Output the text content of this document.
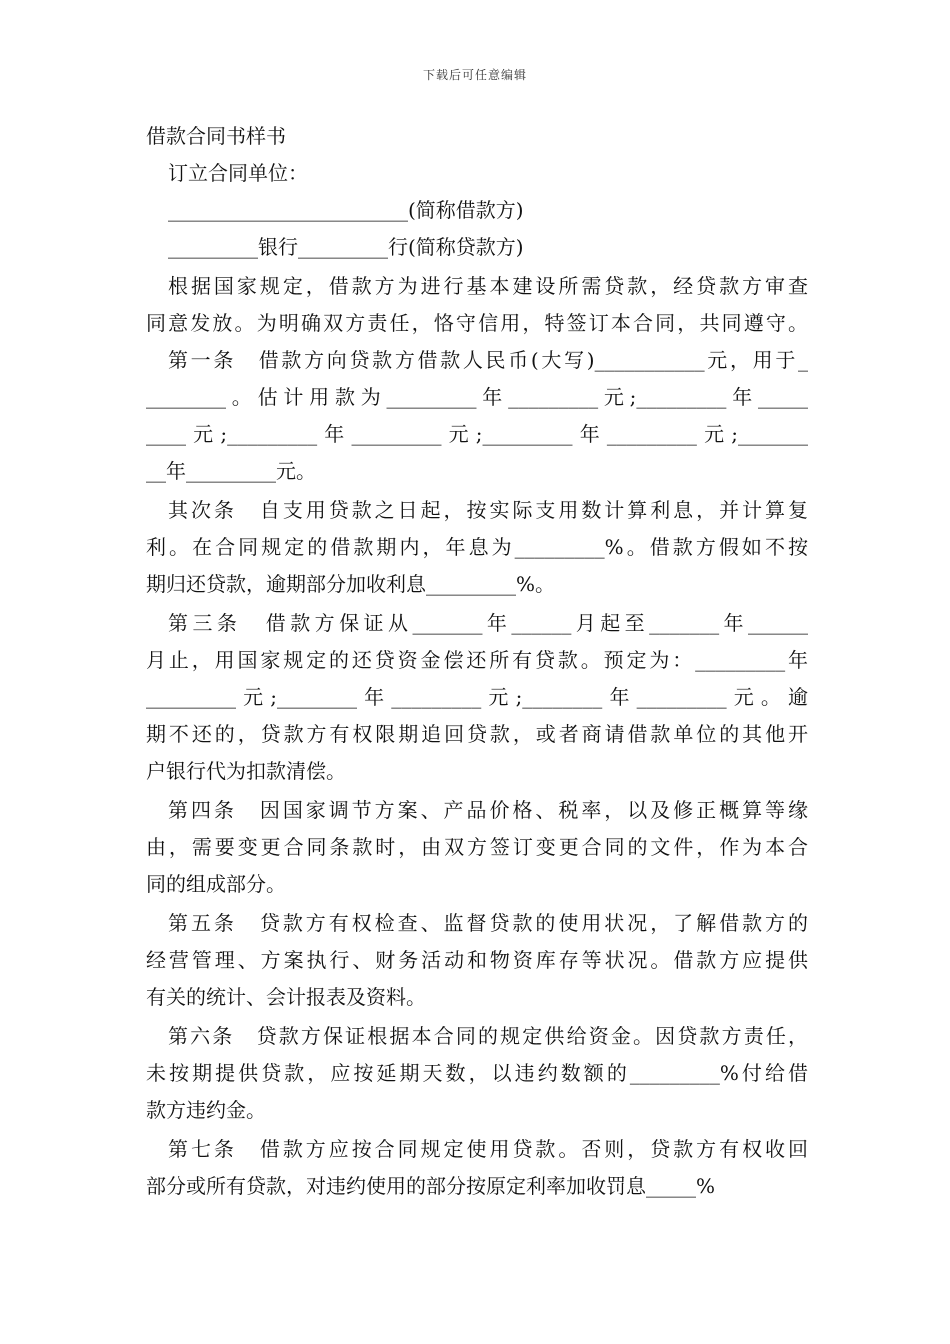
下载后可任意编辑
借款合同书样书
订立合同单位：
________________________(简称借款方)
_________银行_________行(简称贷款方)
根据国家规定，借款方为进行基本建设所需贷款，经贷款方审查
同意发放。为明确双方责任，恪守信用，特签订本合同，共同遵守。
第一条　借款方向贷款方借款人民币(大写)___________元，用于_
________。估计用款为_________年_________元;_________年_____
____元;_________年_________元;_________年_________元;_______
__年_________元。
其次条　自支用贷款之日起，按实际支用数计算利息，并计算复
利。在合同规定的借款期内，年息为_________%。借款方假如不按
期归还贷款，逾期部分加收利息_________%。
第三条　借款方保证从_______年______月起至_______年______
月止，用国家规定的还贷资金偿还所有贷款。预定为：_________年
_________元;________年_________元;________年_________元。逾
期不还的，贷款方有权限期追回贷款，或者商请借款单位的其他开
户银行代为扣款清偿。
第四条　因国家调节方案、产品价格、税率，以及修正概算等缘
由，需要变更合同条款时，由双方签订变更合同的文件，作为本合
同的组成部分。
第五条　贷款方有权检查、监督贷款的使用状况，了解借款方的
经营管理、方案执行、财务活动和物资库存等状况。借款方应提供
有关的统计、会计报表及资料。
第六条　贷款方保证根据本合同的规定供给资金。因贷款方责任，
未按期提供贷款，应按延期天数，以违约数额的_________%付给借
款方违约金。
第七条　借款方应按合同规定使用贷款。否则，贷款方有权收回
部分或所有贷款，对违约使用的部分按原定利率加收罚息_____%
